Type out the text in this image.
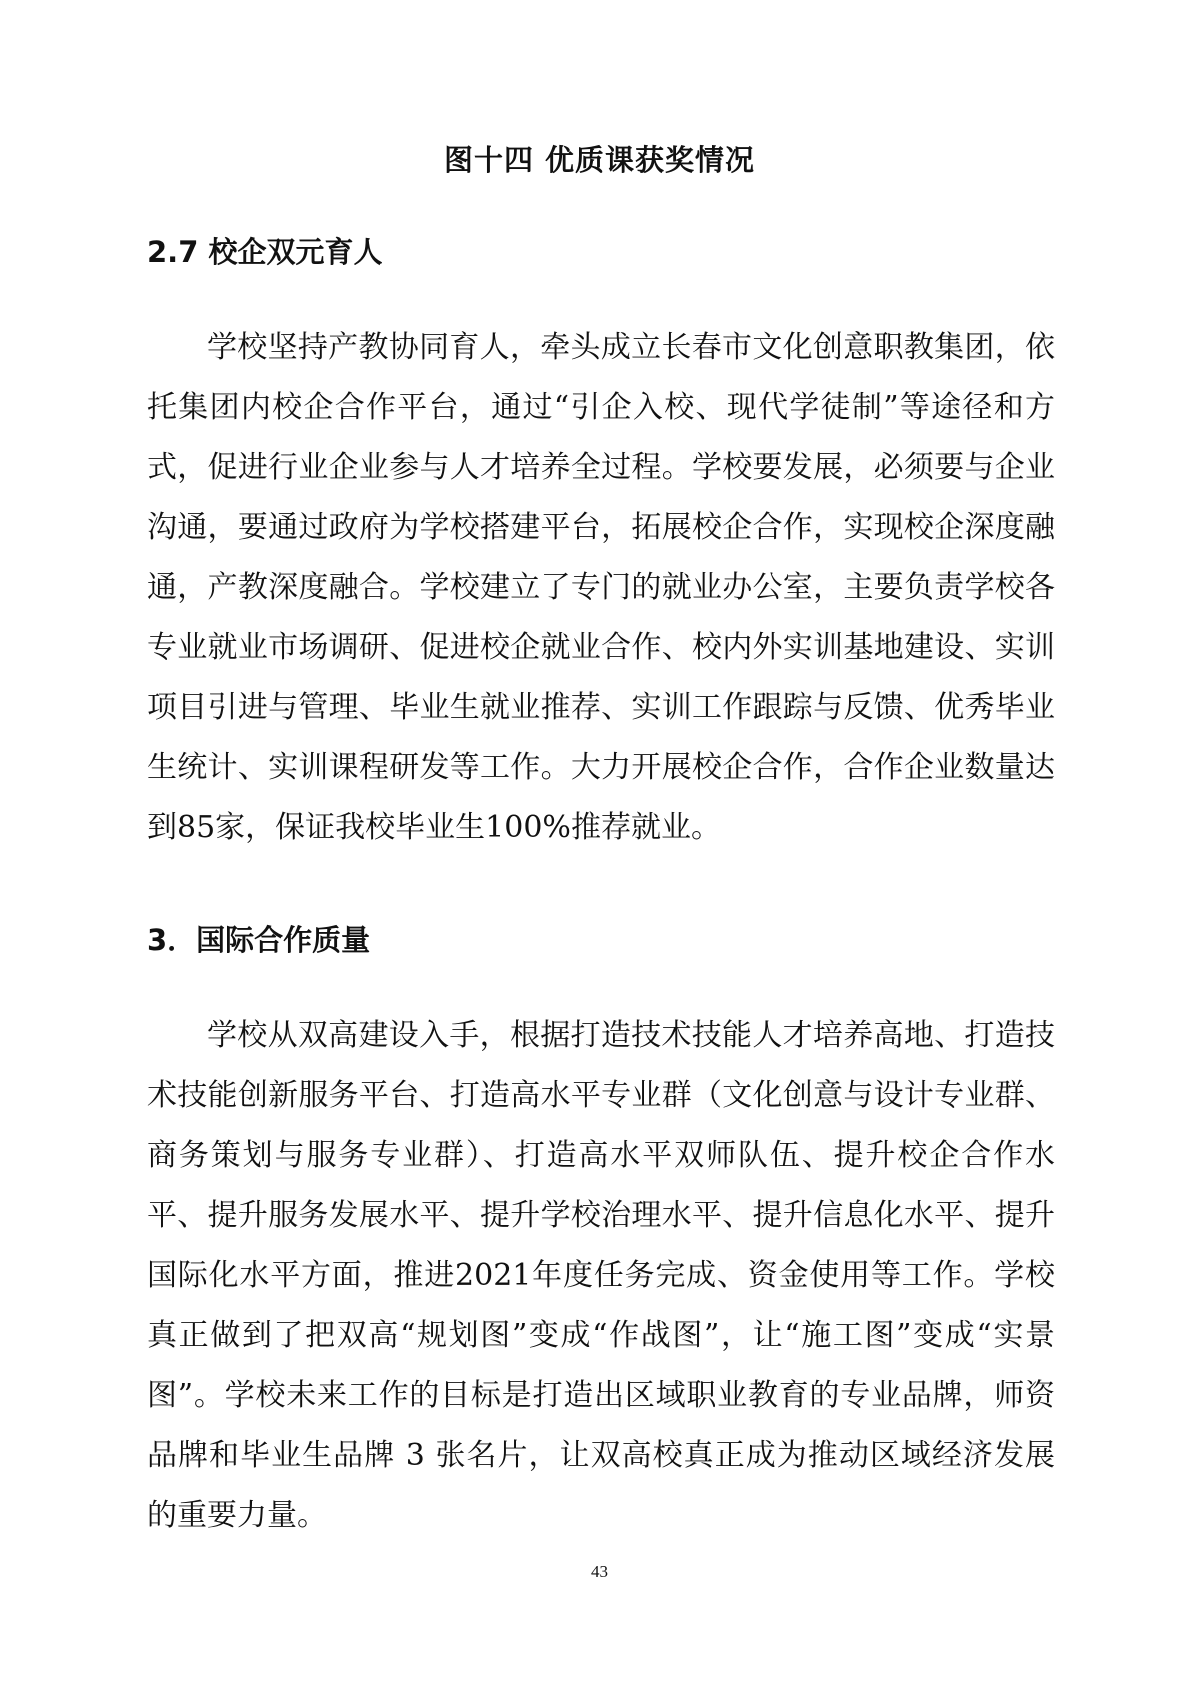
图十四 优质课获奖情况
2.7 校企双元育人

学校坚持产教协同育人，牵头成立长春市文化创意职教集团，依托集团内校企合作平台，通过“引企入校、现代学徒制”等途径和方式，促进行业企业参与人才培养全过程。学校要发展，必须要与企业沟通，要通过政府为学校搭建平台，拓展校企合作，实现校企深度融通，产教深度融合。学校建立了专门的就业办公室，主要负责学校各专业就业市场调研、促进校企就业合作、校内外实训基地建设、实训项目引进与管理、毕业生就业推荐、实训工作跟踪与反馈、优秀毕业生统计、实训课程研发等工作。大力开展校企合作，合作企业数量达到85家，保证我校毕业生100%推荐就业。

3．国际合作质量

学校从双高建设入手，根据打造技术技能人才培养高地、打造技术技能创新服务平台、打造高水平专业群（文化创意与设计专业群、商务策划与服务专业群）、打造高水平双师队伍、提升校企合作水平、提升服务发展水平、提升学校治理水平、提升信息化水平、提升国际化水平方面，推进2021年度任务完成、资金使用等工作。学校真正做到了把双高“规划图”变成“作战图”，让“施工图”变成“实景图”。学校未来工作的目标是打造出区域职业教育的专业品牌，师资品牌和毕业生品牌 3 张名片，让双高校真正成为推动区域经济发展的重要力量。

43
